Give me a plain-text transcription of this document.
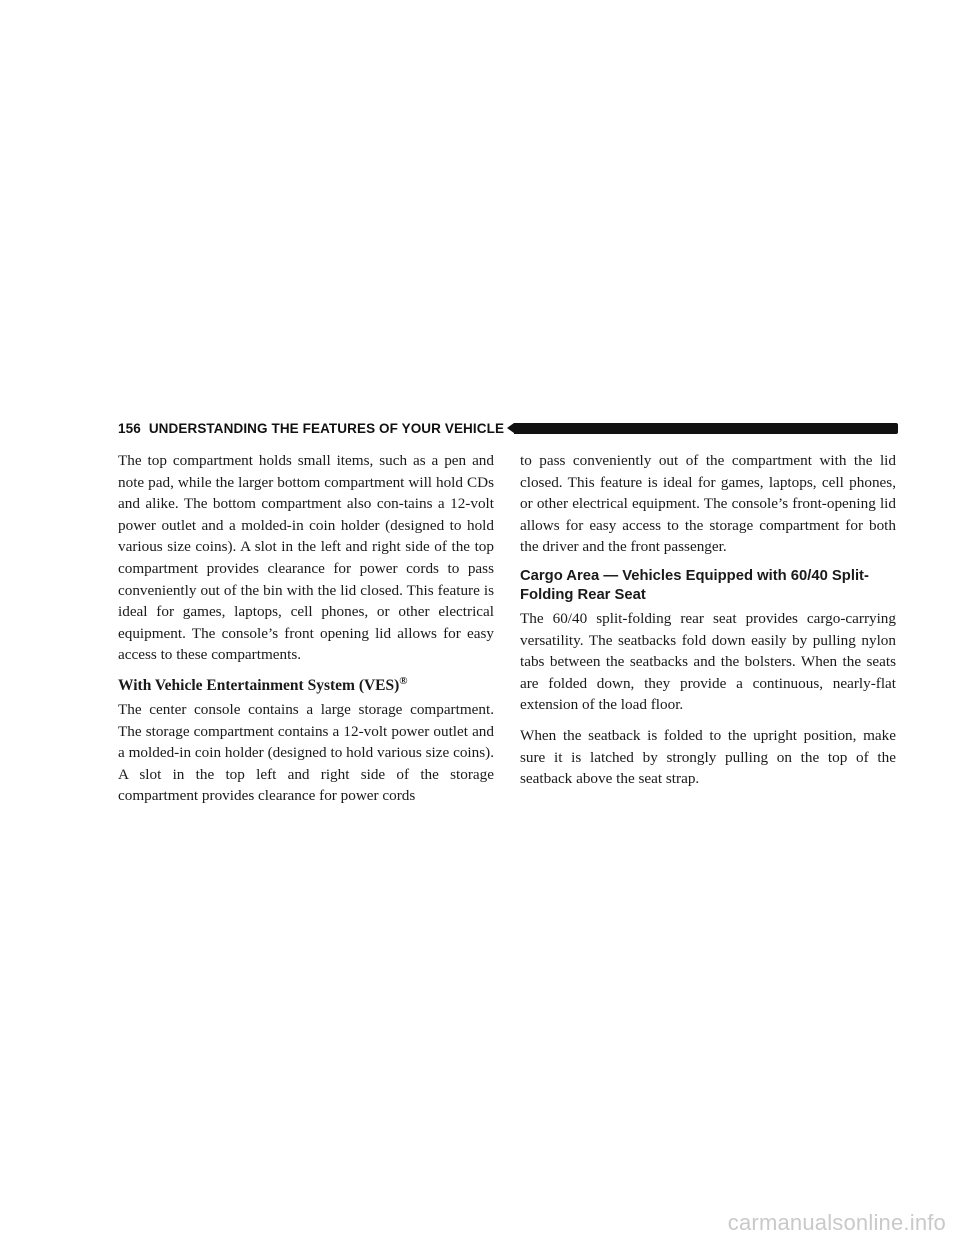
156 UNDERSTANDING THE FEATURES OF YOUR VEHICLE

The top compartment holds small items, such as a pen and note pad, while the larger bottom compartment will hold CDs and alike. The bottom compartment also con-tains a 12-volt power outlet and a molded-in coin holder (designed to hold various size coins). A slot in the left and right side of the top compartment provides clearance for power cords to pass conveniently out of the bin with the lid closed. This feature is ideal for games, laptops, cell phones, or other electrical equipment. The console’s front opening lid allows for easy access to these compartments.

With Vehicle Entertainment System (VES)®

The center console contains a large storage compartment. The storage compartment contains a 12-volt power outlet and a molded-in coin holder (designed to hold various size coins). A slot in the top left and right side of the storage compartment provides clearance for power cords

to pass conveniently out of the compartment with the lid closed. This feature is ideal for games, laptops, cell phones, or other electrical equipment. The console’s front-opening lid allows for easy access to the storage compartment for both the driver and the front passenger.

Cargo Area — Vehicles Equipped with 60/40 Split-Folding Rear Seat

The 60/40 split-folding rear seat provides cargo-carrying versatility. The seatbacks fold down easily by pulling nylon tabs between the seatbacks and the bolsters. When the seats are folded down, they provide a continuous, nearly-flat extension of the load floor.

When the seatback is folded to the upright position, make sure it is latched by strongly pulling on the top of the seatback above the seat strap.

carmanualsonline.info
